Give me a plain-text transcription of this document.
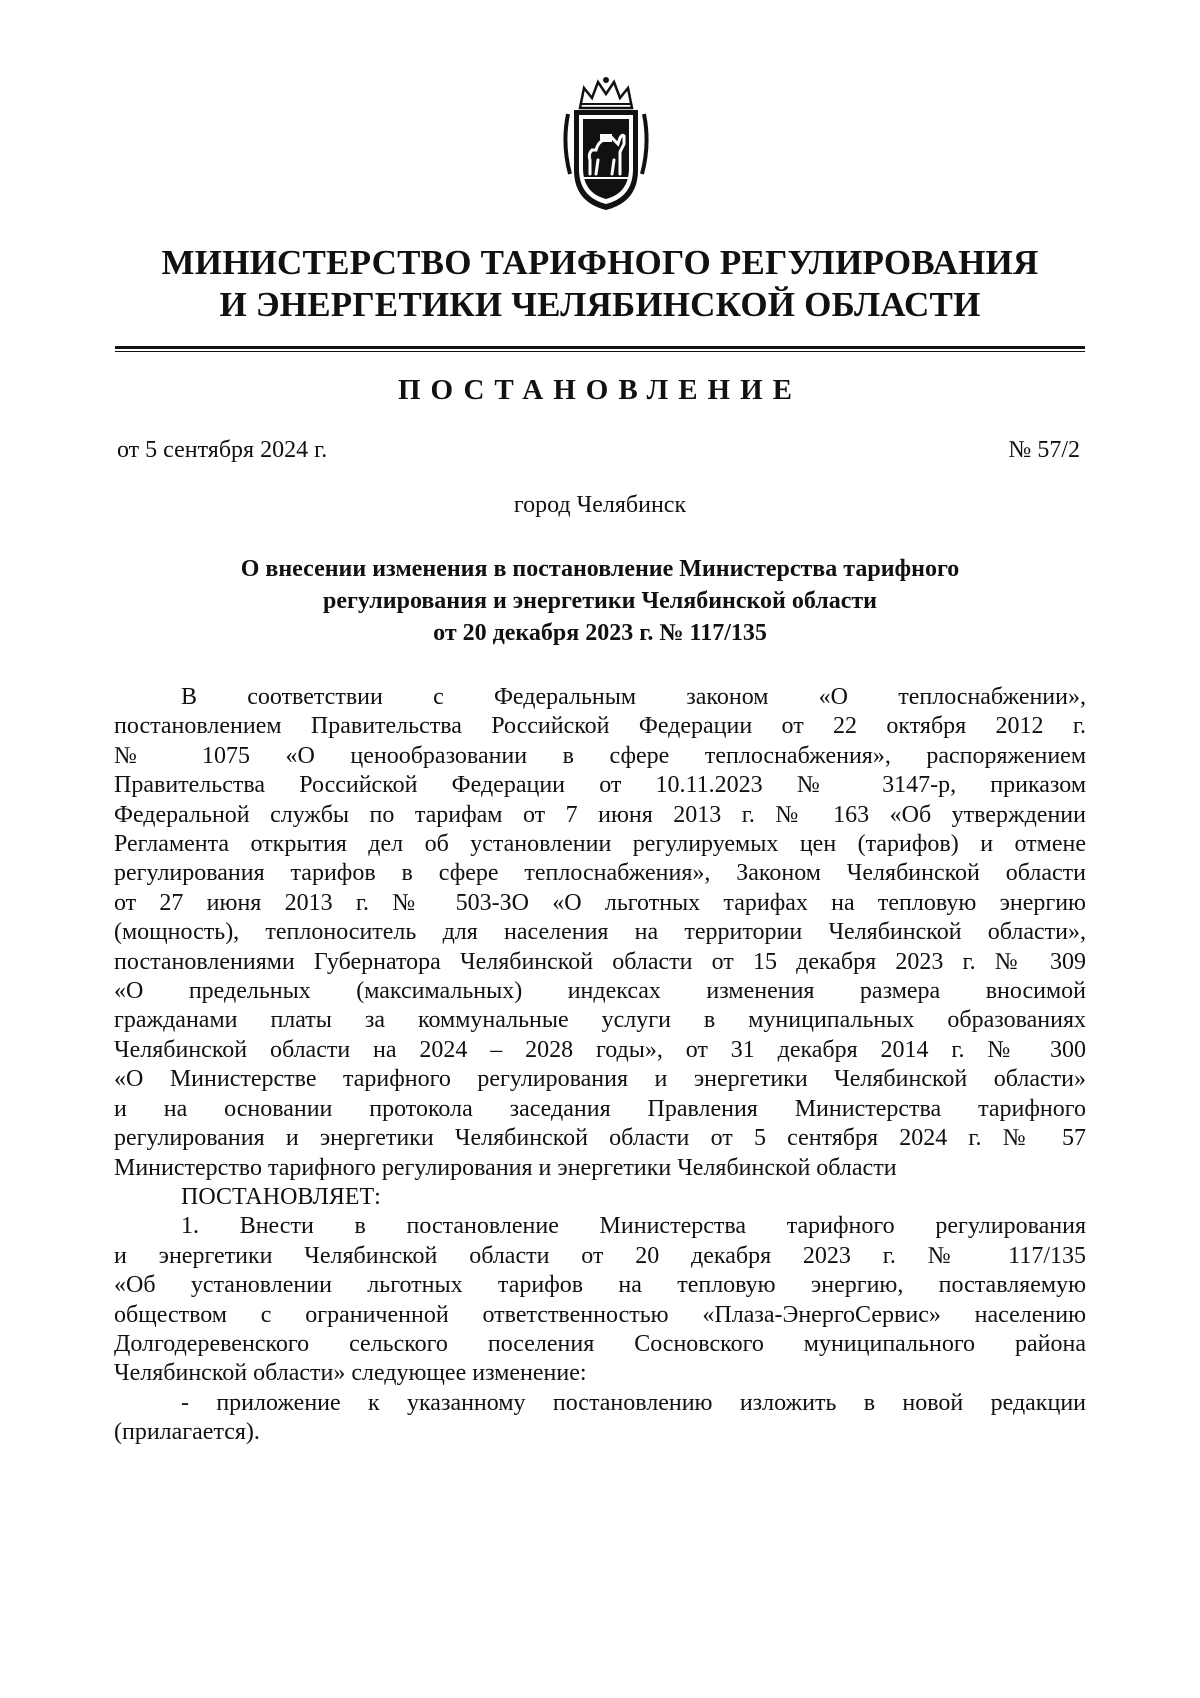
МИНИСТЕРСТВО ТАРИФНОГО РЕГУЛИРОВАНИЯ
И ЭНЕРГЕТИКИ ЧЕЛЯБИНСКОЙ ОБЛАСТИ
ПОСТАНОВЛЕНИЕ
от 5 сентября 2024 г.	№ 57/2
город Челябинск
О внесении изменения в постановление Министерства тарифного
регулирования и энергетики Челябинской области
от 20 декабря 2023 г. № 117/135
В соответствии с Федеральным законом «О теплоснабжении»,
постановлением Правительства Российской Федерации от 22 октября 2012 г.
№ 1075 «О ценообразовании в сфере теплоснабжения», распоряжением
Правительства Российской Федерации от 10.11.2023 № 3147-р, приказом
Федеральной службы по тарифам от 7 июня 2013 г. № 163 «Об утверждении
Регламента открытия дел об установлении регулируемых цен (тарифов) и отмене
регулирования тарифов в сфере теплоснабжения», Законом Челябинской области
от 27 июня 2013 г. № 503-ЗО «О льготных тарифах на тепловую энергию
(мощность), теплоноситель для населения на территории Челябинской области»,
постановлениями Губернатора Челябинской области от 15 декабря 2023 г. № 309
«О предельных (максимальных) индексах изменения размера вносимой
гражданами платы за коммунальные услуги в муниципальных образованиях
Челябинской области на 2024 – 2028 годы», от 31 декабря 2014 г. № 300
«О Министерстве тарифного регулирования и энергетики Челябинской области»
и на основании протокола заседания Правления Министерства тарифного
регулирования и энергетики Челябинской области от 5 сентября 2024 г. № 57
Министерство тарифного регулирования и энергетики Челябинской области
ПОСТАНОВЛЯЕТ:
1. Внести в постановление Министерства тарифного регулирования
и энергетики Челябинской области от 20 декабря 2023 г. № 117/135
«Об установлении льготных тарифов на тепловую энергию, поставляемую
обществом с ограниченной ответственностью «Плаза-ЭнергоСервис» населению
Долгодеревенского сельского поселения Сосновского муниципального района
Челябинской области» следующее изменение:
- приложение к указанному постановлению изложить в новой редакции
(прилагается).
